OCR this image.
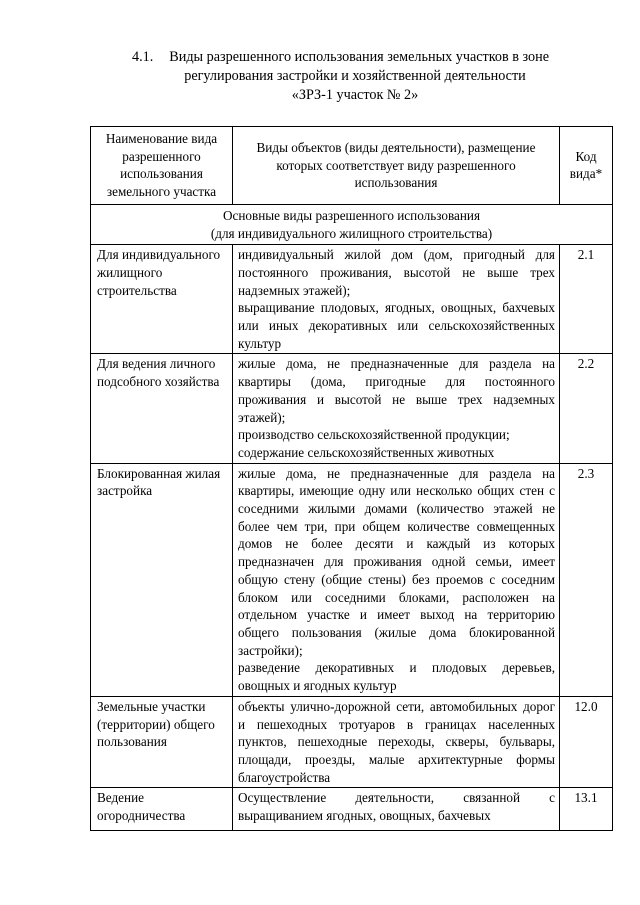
4.1. Виды разрешенного использования земельных участков в зоне
регулирования застройки и хозяйственной деятельности
«ЗРЗ-1 участок № 2»
Наименование вида разрешенного использования земельного участка	Виды объектов (виды деятельности), размещение которых соответствует виду разрешенного использования	Код вида*

Основные виды разрешенного использования
(для индивидуального жилищного строительства)		

Для индивидуального жилищного строительства	индивидуальный жилой дом (дом, пригодный для постоянного проживания, высотой не выше трех надземных этажей);
выращивание плодовых, ягодных, овощных, бахчевых или иных декоративных или сельскохозяйственных культур	2.1
Для ведения личного подсобного хозяйства	жилые дома, не предназначенные для раздела на квартиры (дома, пригодные для постоянного проживания и высотой не выше трех надземных этажей);
производство сельскохозяйственной продукции;
содержание сельскохозяйственных животных	2.2
Блокированная жилая застройка	жилые дома, не предназначенные для раздела на квартиры, имеющие одну или несколько общих стен с соседними жилыми домами (количество этажей не более чем три, при общем количестве совмещенных домов не более десяти и каждый из которых предназначен для проживания одной семьи, имеет общую стену (общие стены) без проемов с соседним блоком или соседними блоками, расположен на отдельном участке и имеет выход на территорию общего пользования (жилые дома блокированной застройки);
разведение декоративных и плодовых деревьев, овощных и ягодных культур	2.3
Земельные участки (территории) общего пользования	объекты улично-дорожной сети, автомобильных дорог и пешеходных тротуаров в границах населенных пунктов, пешеходные переходы, скверы, бульвары, площади, проезды, малые архитектурные формы благоустройства	12.0
Ведение огородничества	Осуществление деятельности, связанной с выращиванием ягодных, овощных, бахчевых	13.1
